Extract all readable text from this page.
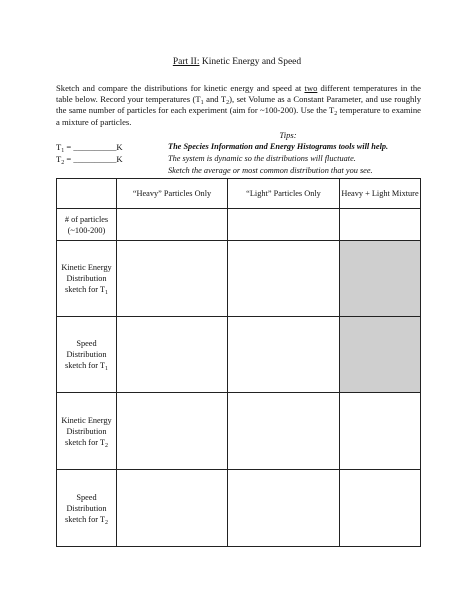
Part II: Kinetic Energy and Speed
Sketch and compare the distributions for kinetic energy and speed at two different temperatures in the table below. Record your temperatures ($T_1$ and $T_2$), set Volume as a Constant Parameter, and use roughly the same number of particles for each experiment (aim for ~100-200). Use the $T_2$ temperature to examine a mixture of particles.
Tips:
$T_1$ = __________K
$T_2$ = __________K
The Species Information and Energy Histograms tools will help.
The system is dynamic so the distributions will fluctuate.
Sketch the average or most common distribution that you see.
	“Heavy” Particles Only	“Light” Particles Only	Heavy + Light Mixture
# of particles
(~100-200)			
Kinetic Energy Distribution sketch for $T_1$			
Speed Distribution sketch for $T_1$			
Kinetic Energy Distribution sketch for $T_2$			
Speed Distribution sketch for $T_2$			
